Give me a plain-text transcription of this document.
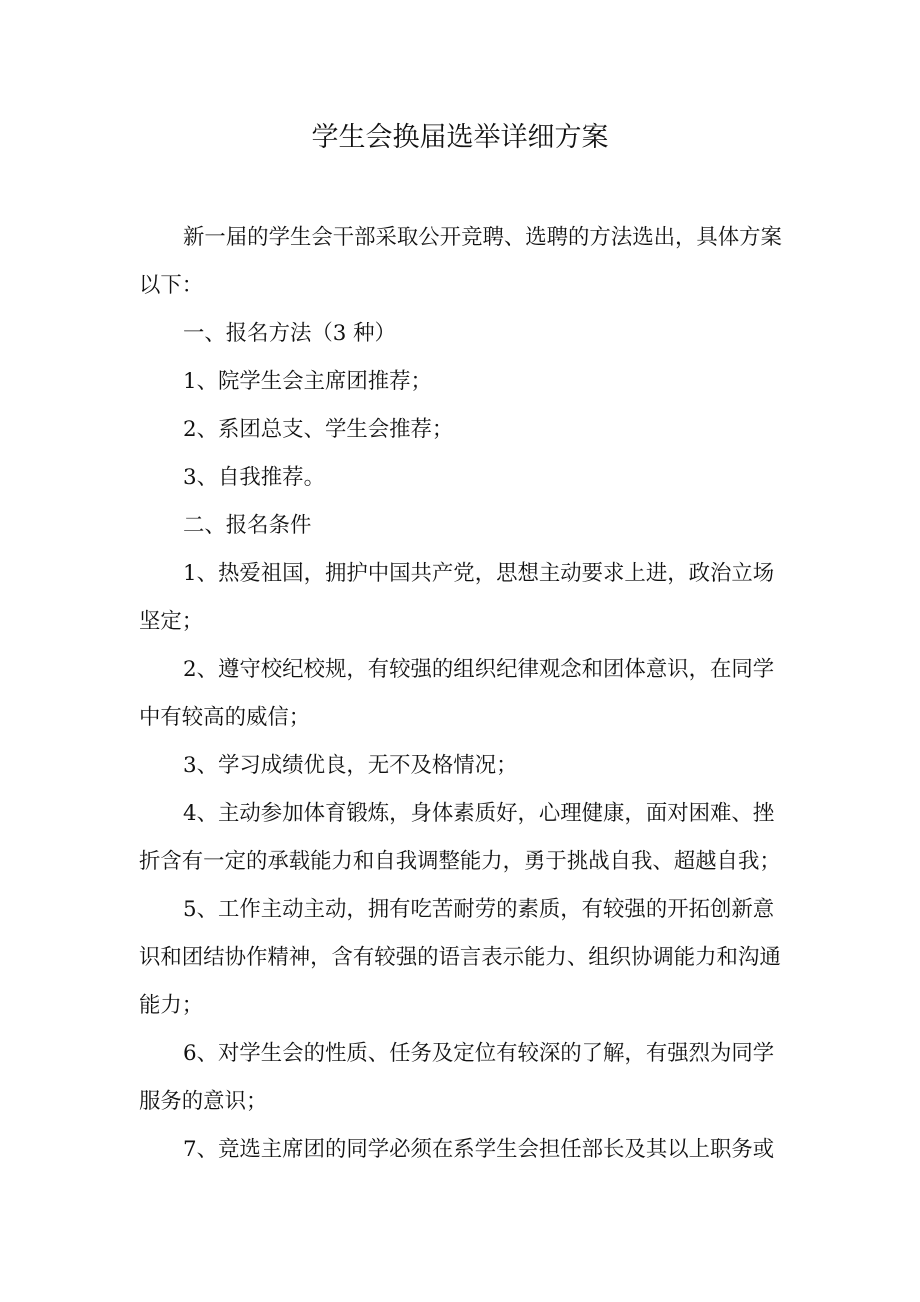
学生会换届选举详细方案
新一届的学生会干部采取公开竞聘、选聘的方法选出，具体方案
以下：
一、报名方法（3 种）
1、院学生会主席团推荐；
2、系团总支、学生会推荐；
3、自我推荐。
二、报名条件
1、热爱祖国，拥护中国共产党，思想主动要求上进，政治立场
坚定；
2、遵守校纪校规，有较强的组织纪律观念和团体意识，在同学
中有较高的威信；
3、学习成绩优良，无不及格情况；
4、主动参加体育锻炼，身体素质好，心理健康，面对困难、挫
折含有一定的承载能力和自我调整能力，勇于挑战自我、超越自我；
5、工作主动主动，拥有吃苦耐劳的素质，有较强的开拓创新意
识和团结协作精神，含有较强的语言表示能力、组织协调能力和沟通
能力；
6、对学生会的性质、任务及定位有较深的了解，有强烈为同学
服务的意识；
7、竞选主席团的同学必须在系学生会担任部长及其以上职务或
